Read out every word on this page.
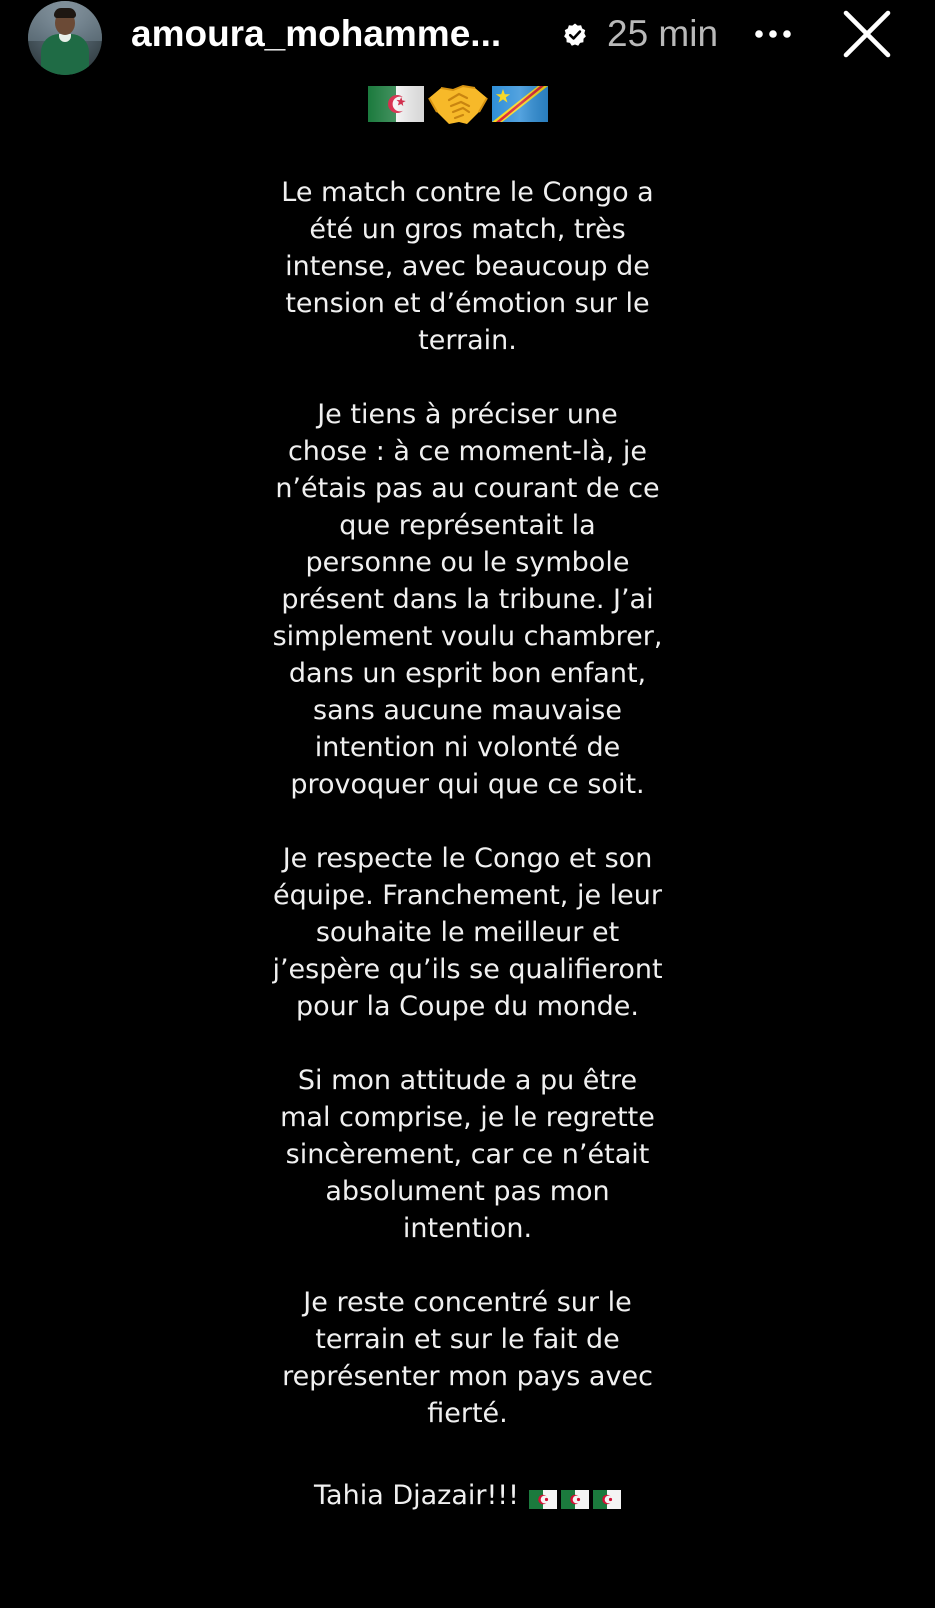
amoura_mohamme...	25 min

Le match contre le Congo a
été un gros match, très
intense, avec beaucoup de
tension et d’émotion sur le
terrain.

Je tiens à préciser une
chose : à ce moment-là, je
n’étais pas au courant de ce
que représentait la
personne ou le symbole
présent dans la tribune. J’ai
simplement voulu chambrer,
dans un esprit bon enfant,
sans aucune mauvaise
intention ni volonté de
provoquer qui que ce soit.

Je respecte le Congo et son
équipe. Franchement, je leur
souhaite le meilleur et
j’espère qu’ils se qualifieront
pour la Coupe du monde.

Si mon attitude a pu être
mal comprise, je le regrette
sincèrement, car ce n’était
absolument pas mon
intention.

Je reste concentré sur le
terrain et sur le fait de
représenter mon pays avec
fierté.

Tahia Djazair!!!
